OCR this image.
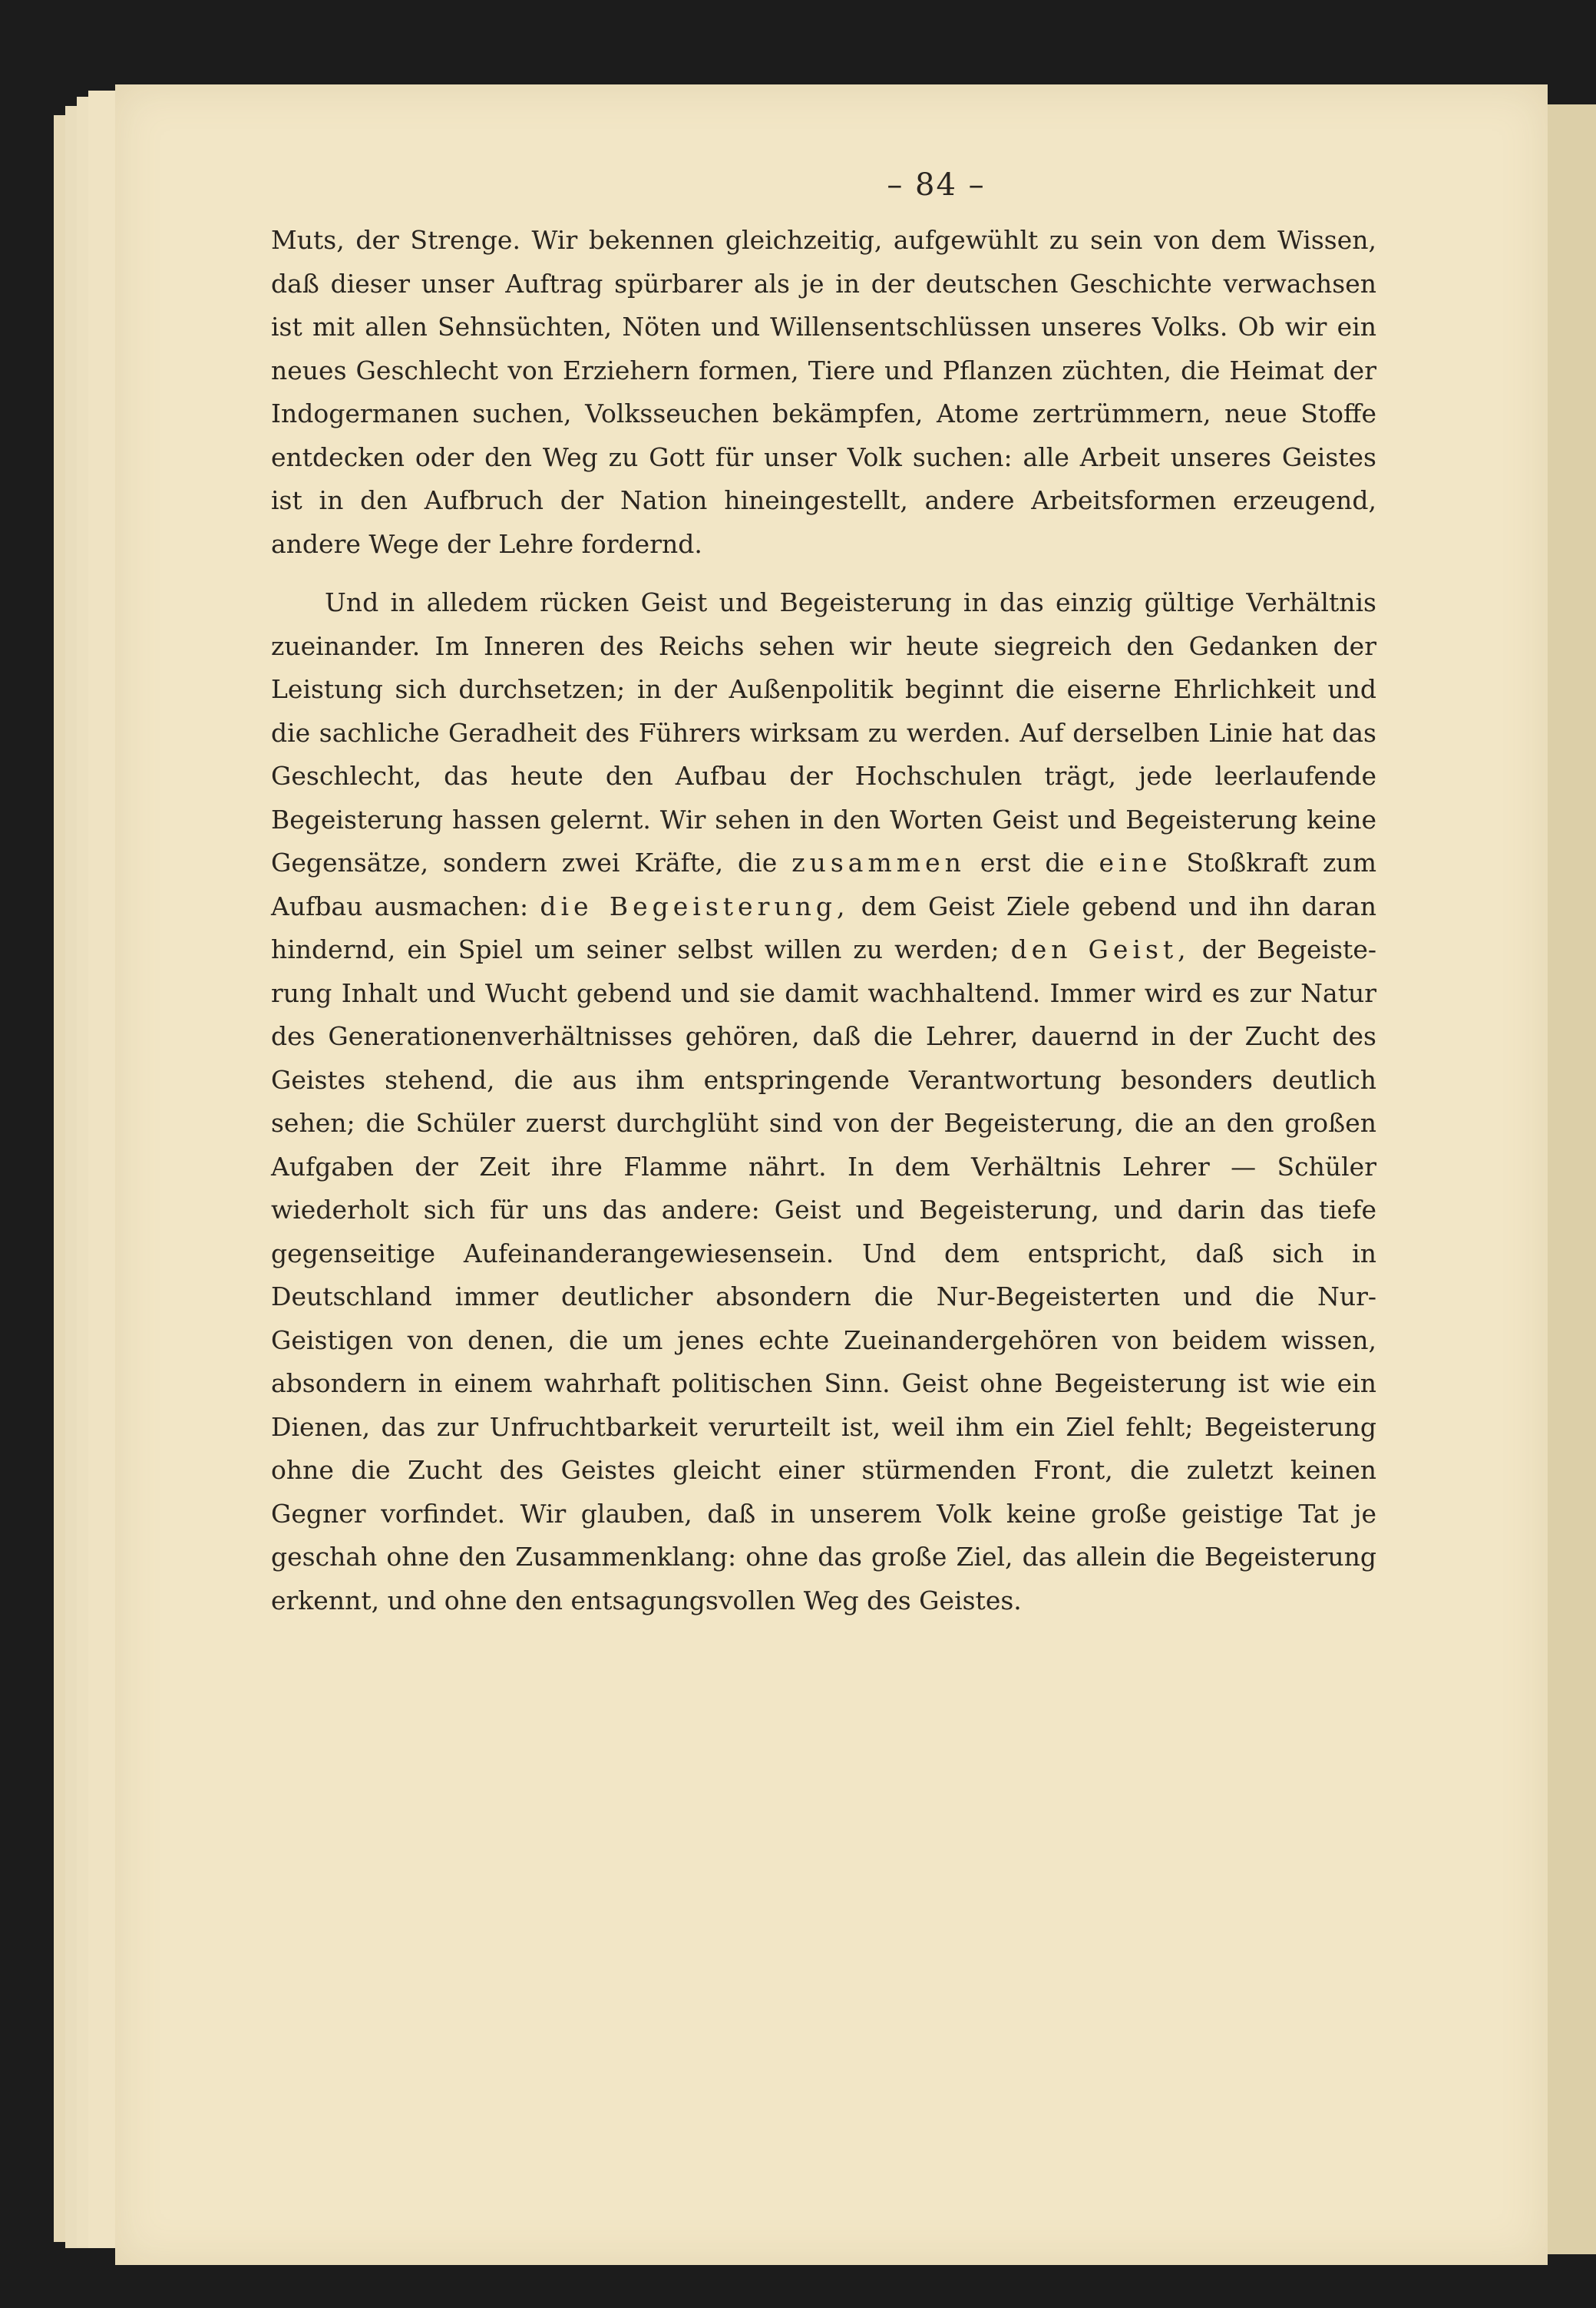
– 84 –

Muts, der Strenge. Wir bekennen gleichzeitig, aufgewühlt zu sein von dem Wissen, daß dieser unser Auftrag spürbarer als je in der deutschen Geschichte verwachsen ist mit allen Sehnsüchten, Nöten und Willensentschlüssen unseres Volks. Ob wir ein neues Geschlecht von Erziehern formen, Tiere und Pflanzen züchten, die Heimat der Indogermanen suchen, Volksseuchen bekämpfen, Atome zertrümmern, neue Stoffe entdecken oder den Weg zu Gott für unser Volk suchen: alle Arbeit unseres Geistes ist in den Aufbruch der Nation hineingestellt, andere Arbeitsformen erzeugend, andere Wege der Lehre fordernd.

Und in alledem rücken Geist und Begeisterung in das einzig gültige Verhältnis zueinander. Im Inneren des Reichs sehen wir heute siegreich den Gedanken der Leistung sich durchsetzen; in der Außenpolitik beginnt die eiserne Ehrlichkeit und die sachliche Geradheit des Führers wirksam zu werden. Auf derselben Linie hat das Geschlecht, das heute den Aufbau der Hochschulen trägt, jede leerlaufende Begeisterung hassen gelernt. Wir sehen in den Worten Geist und Begeisterung keine Gegensätze, sondern zwei Kräfte, die zusammen erst die eine Stoßkraft zum Aufbau ausmachen: die Begeisterung, dem Geist Ziele gebend und ihn daran hindernd, ein Spiel um seiner selbst willen zu werden; den Geist, der Begeisterung Inhalt und Wucht gebend und sie damit wachhaltend. Immer wird es zur Natur des Generationenverhältnisses gehören, daß die Lehrer, dauernd in der Zucht des Geistes stehend, die aus ihm entspringende Verantwortung besonders deutlich sehen; die Schüler zuerst durchglüht sind von der Begeisterung, die an den großen Aufgaben der Zeit ihre Flamme nährt. In dem Verhältnis Lehrer — Schüler wiederholt sich für uns das andere: Geist und Begeisterung, und darin das tiefe gegenseitige Aufeinanderangewiesensein. Und dem entspricht, daß sich in Deutschland immer deutlicher absondern die Nur-Begeisterten und die Nur-Geistigen von denen, die um jenes echte Zueinandergehören von beidem wissen, absondern in einem wahrhaft politischen Sinn. Geist ohne Begeisterung ist wie ein Dienen, das zur Unfruchtbarkeit verurteilt ist, weil ihm ein Ziel fehlt; Begeisterung ohne die Zucht des Geistes gleicht einer stürmenden Front, die zuletzt keinen Gegner vorfindet. Wir glauben, daß in unserem Volk keine große geistige Tat je geschah ohne den Zusammenklang: ohne das große Ziel, das allein die Begeisterung erkennt, und ohne den entsagungsvollen Weg des Geistes.
